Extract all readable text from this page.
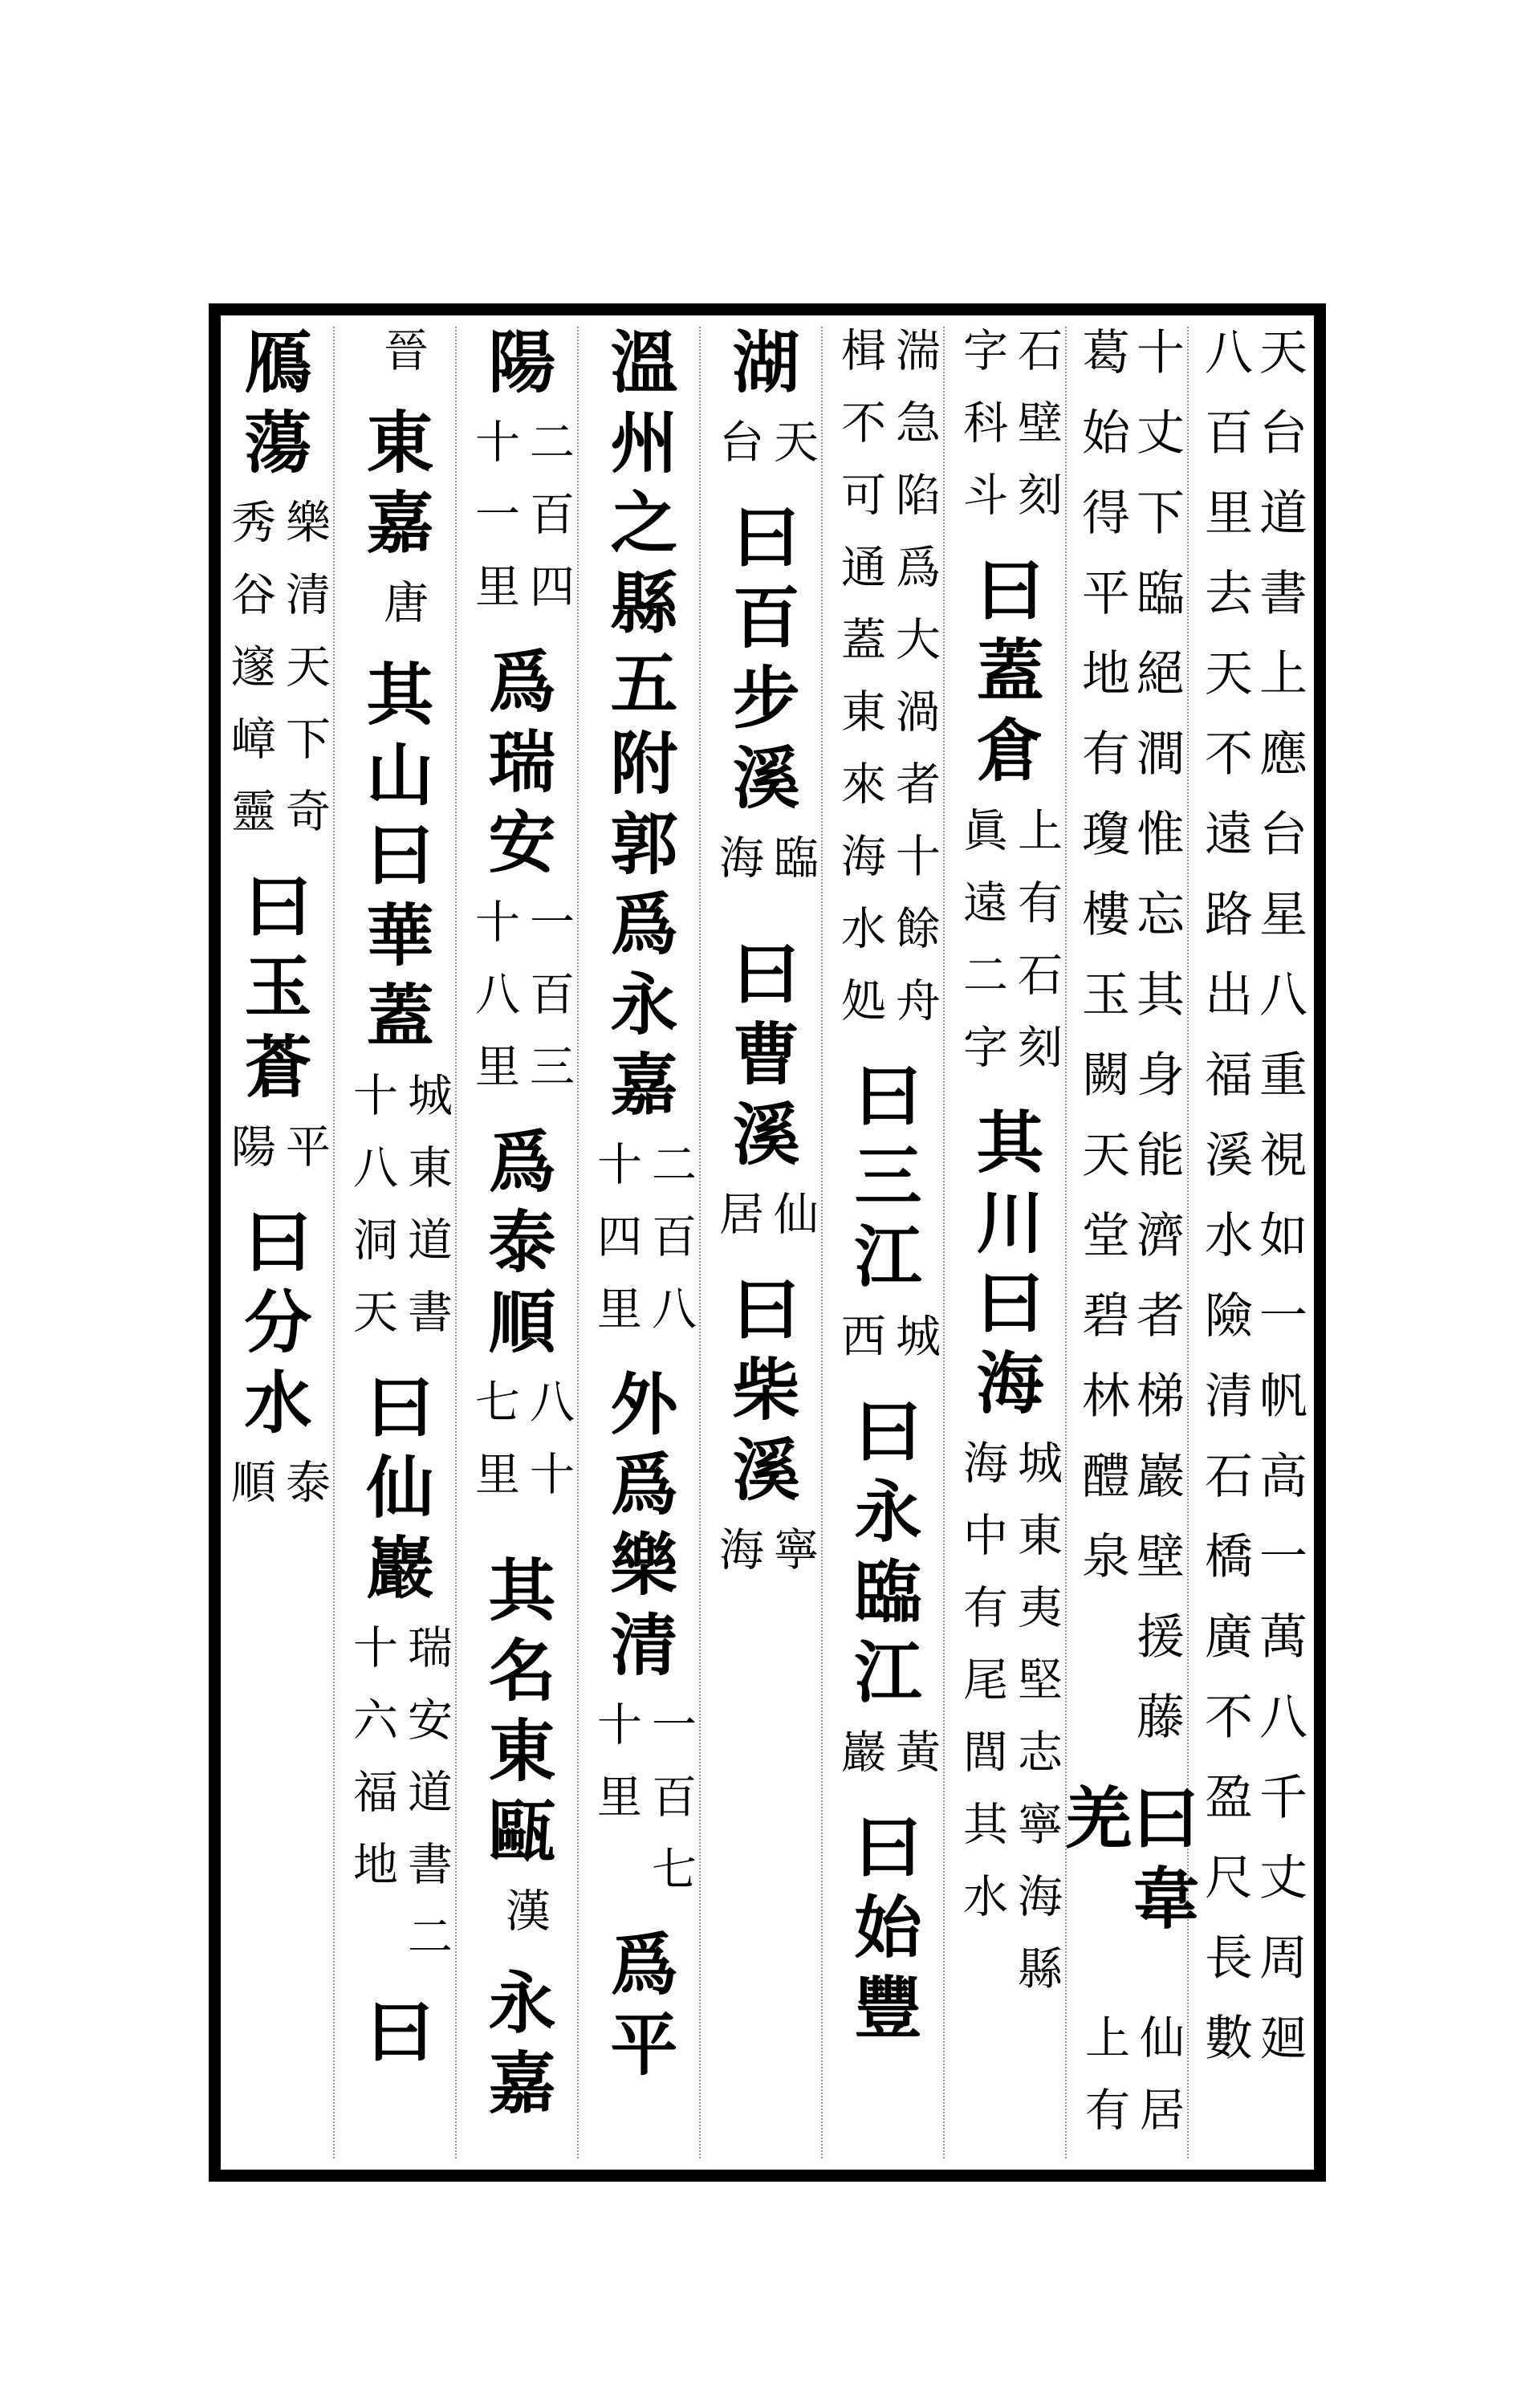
天台道書上應台星八重視如一帆高一萬八千丈周廻
八百里去天不遠路出福溪水險清石橋廣不盈尺長數
十丈下臨絕澗惟忘其身能濟者梯巖壁援藤
葛始得平地有瓊樓玉闕天堂碧林醴泉
曰韋羌
仙居
上有
石壁刻
字科斗
曰蓋倉
上有石刻
眞遠二字
其川曰海
城東夷堅志寧海縣
海中有尾閭其水
湍急陷爲大渦者十餘舟
楫不可通蓋東來海水処
曰三江
城
西
曰永臨江
黃
巖
曰始豐
湖
天
台
曰百步溪
臨
海
曰曹溪
仙
居
曰柴溪
寧
海
溫州之縣五附郭爲永嘉
二百八
十四里
外爲樂清
一百七
十里
爲平
陽
二百四
十一里
爲瑞安
一百三
十八里
爲泰順
八十
七里
其名東甌
漢
永嘉
晉
東嘉
唐
其山曰華蓋
城東道書
十八洞天
曰仙巖
瑞安道書二
十六福地
曰
鴈蕩
樂清天下奇
秀谷邃嶂靈
曰玉蒼
平
陽
曰分水
泰
順
